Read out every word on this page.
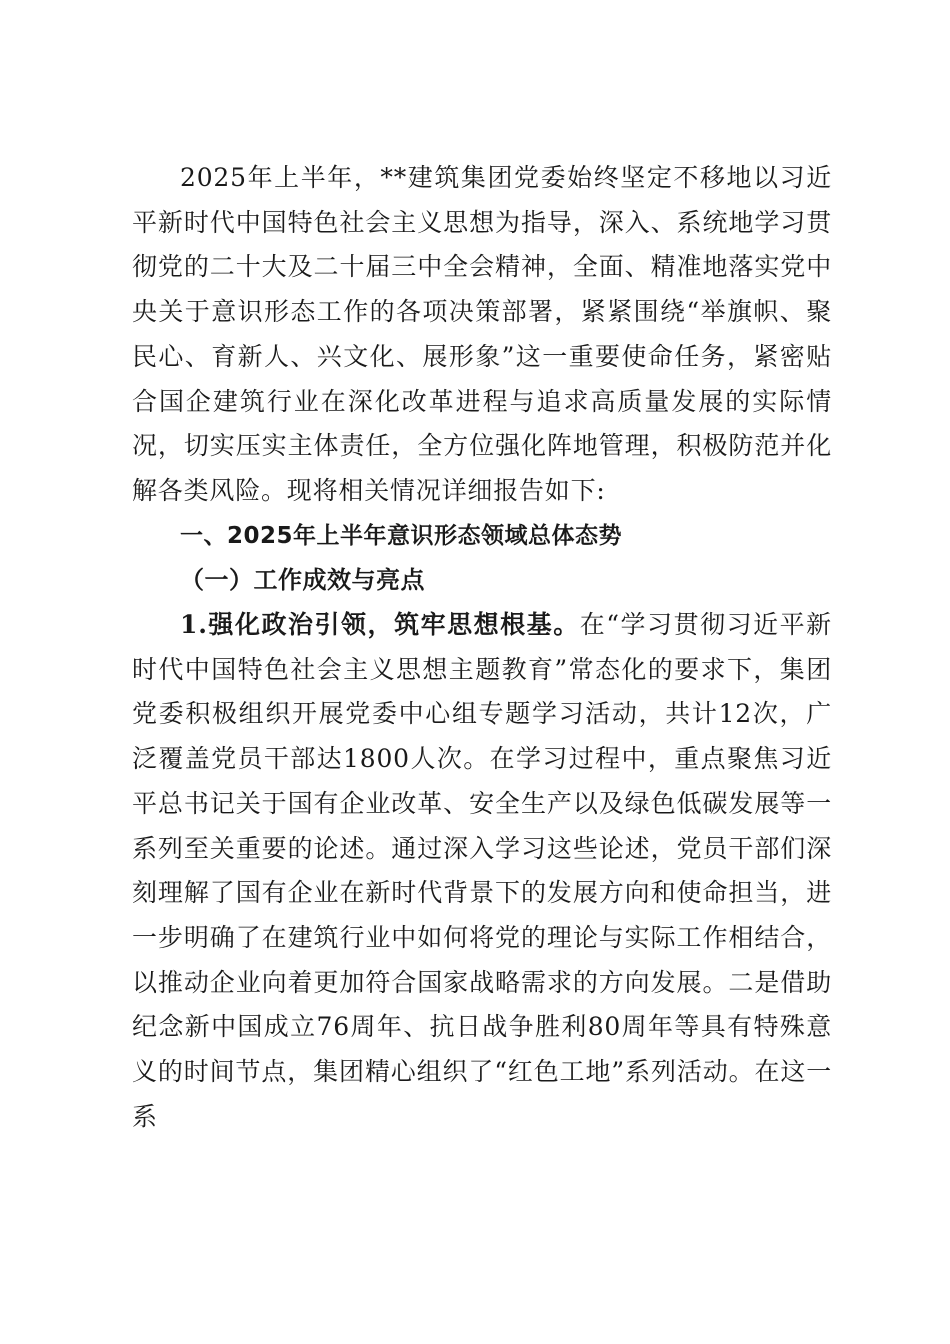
2025年上半年，**建筑集团党委始终坚定不移地以习近平新时代中国特色社会主义思想为指导，深入、系统地学习贯彻党的二十大及二十届三中全会精神，全面、精准地落实党中央关于意识形态工作的各项决策部署，紧紧围绕“举旗帜、聚民心、育新人、兴文化、展形象”这一重要使命任务，紧密贴合国企建筑行业在深化改革进程与追求高质量发展的实际情况，切实压实主体责任，全方位强化阵地管理，积极防范并化解各类风险。现将相关情况详细报告如下:

一、2025年上半年意识形态领域总体态势
（一）工作成效与亮点

1.强化政治引领，筑牢思想根基。在“学习贯彻习近平新时代中国特色社会主义思想主题教育”常态化的要求下，集团党委积极组织开展党委中心组专题学习活动，共计12次，广泛覆盖党员干部达1800人次。在学习过程中，重点聚焦习近平总书记关于国有企业改革、安全生产以及绿色低碳发展等一系列至关重要的论述。通过深入学习这些论述，党员干部们深刻理解了国有企业在新时代背景下的发展方向和使命担当，进一步明确了在建筑行业中如何将党的理论与实际工作相结合，以推动企业向着更加符合国家战略需求的方向发展。二是借助纪念新中国成立76周年、抗日战争胜利80周年等具有特殊意义的时间节点，集团精心组织了“红色工地”系列活动。在这一系
